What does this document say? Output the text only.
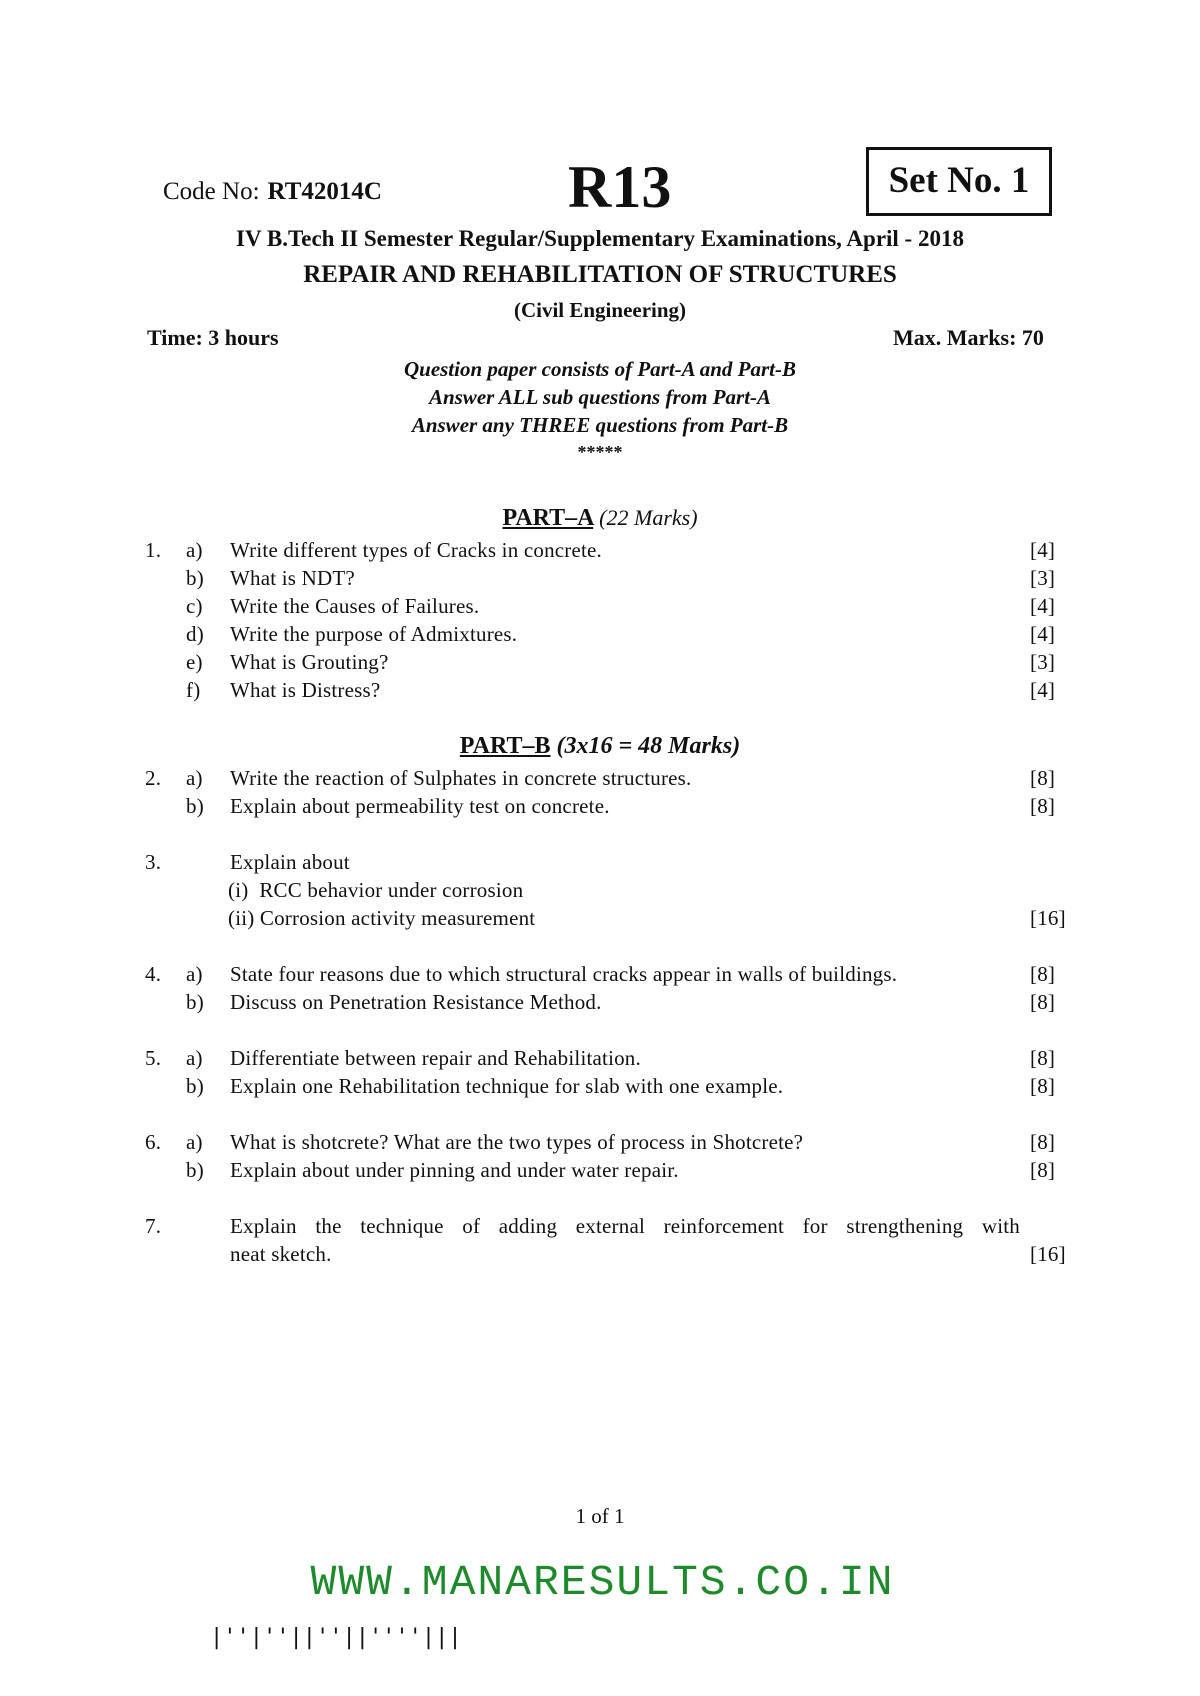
Code No: RT42014C	R13	Set No. 1
IV B.Tech II Semester Regular/Supplementary Examinations, April - 2018
REPAIR AND REHABILITATION OF STRUCTURES
(Civil Engineering)
Time: 3 hours	Max. Marks: 70
Question paper consists of Part-A and Part-B
Answer ALL sub questions from Part-A
Answer any THREE questions from Part-B
*****
PART–A (22 Marks)
1. a) Write different types of Cracks in concrete.	[4]
b) What is NDT?	[3]
c) Write the Causes of Failures.	[4]
d) Write the purpose of Admixtures.	[4]
e) What is Grouting?	[3]
f) What is Distress?	[4]
PART–B (3x16 = 48 Marks)
2. a) Write the reaction of Sulphates in concrete structures.	[8]
b) Explain about permeability test on concrete.	[8]
3.	Explain about
(i)  RCC behavior under corrosion
(ii) Corrosion activity measurement	[16]
4. a) State four reasons due to which structural cracks appear in walls of buildings.	[8]
b) Discuss on Penetration Resistance Method.	[8]
5. a) Differentiate between repair and Rehabilitation.	[8]
b) Explain one Rehabilitation technique for slab with one example.	[8]
6. a) What is shotcrete? What are the two types of process in Shotcrete?	[8]
b) Explain about under pinning and under water repair.	[8]
7.	Explain the technique of adding external reinforcement for strengthening with
neat sketch.	[16]
1 of 1
WWW.MANARESULTS.CO.IN
|''|''||''||''''|||
